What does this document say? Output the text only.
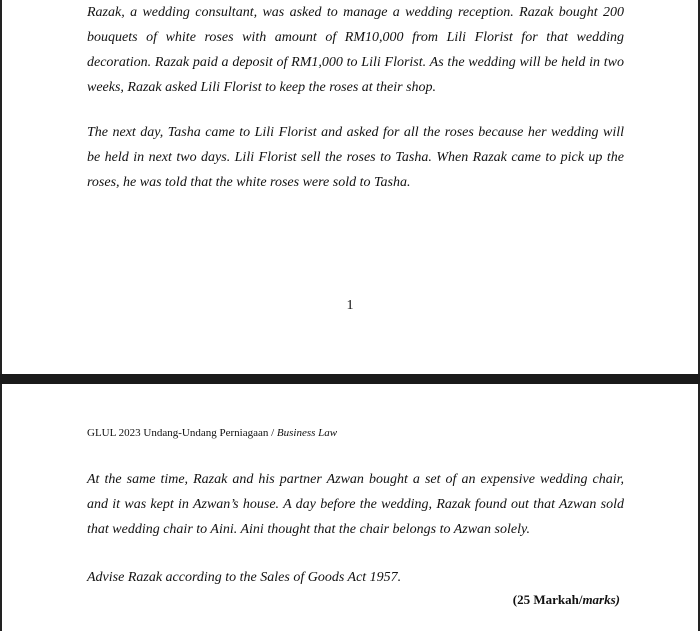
Razak, a wedding consultant, was asked to manage a wedding reception. Razak bought 200
bouquets of white roses with amount of RM10,000 from Lili Florist for that wedding
decoration. Razak paid a deposit of RM1,000 to Lili Florist. As the wedding will be held in two
weeks, Razak asked Lili Florist to keep the roses at their shop.
The next day, Tasha came to Lili Florist and asked for all the roses because her wedding will
be held in next two days. Lili Florist sell the roses to Tasha. When Razak came to pick up the
roses, he was told that the white roses were sold to Tasha.
1
GLUL 2023 Undang-Undang Perniagaan / Business Law
At the same time, Razak and his partner Azwan bought a set of an expensive wedding chair,
and it was kept in Azwan’s house. A day before the wedding, Razak found out that Azwan sold
that wedding chair to Aini. Aini thought that the chair belongs to Azwan solely.
Advise Razak according to the Sales of Goods Act 1957.
(25 Markah/marks)
